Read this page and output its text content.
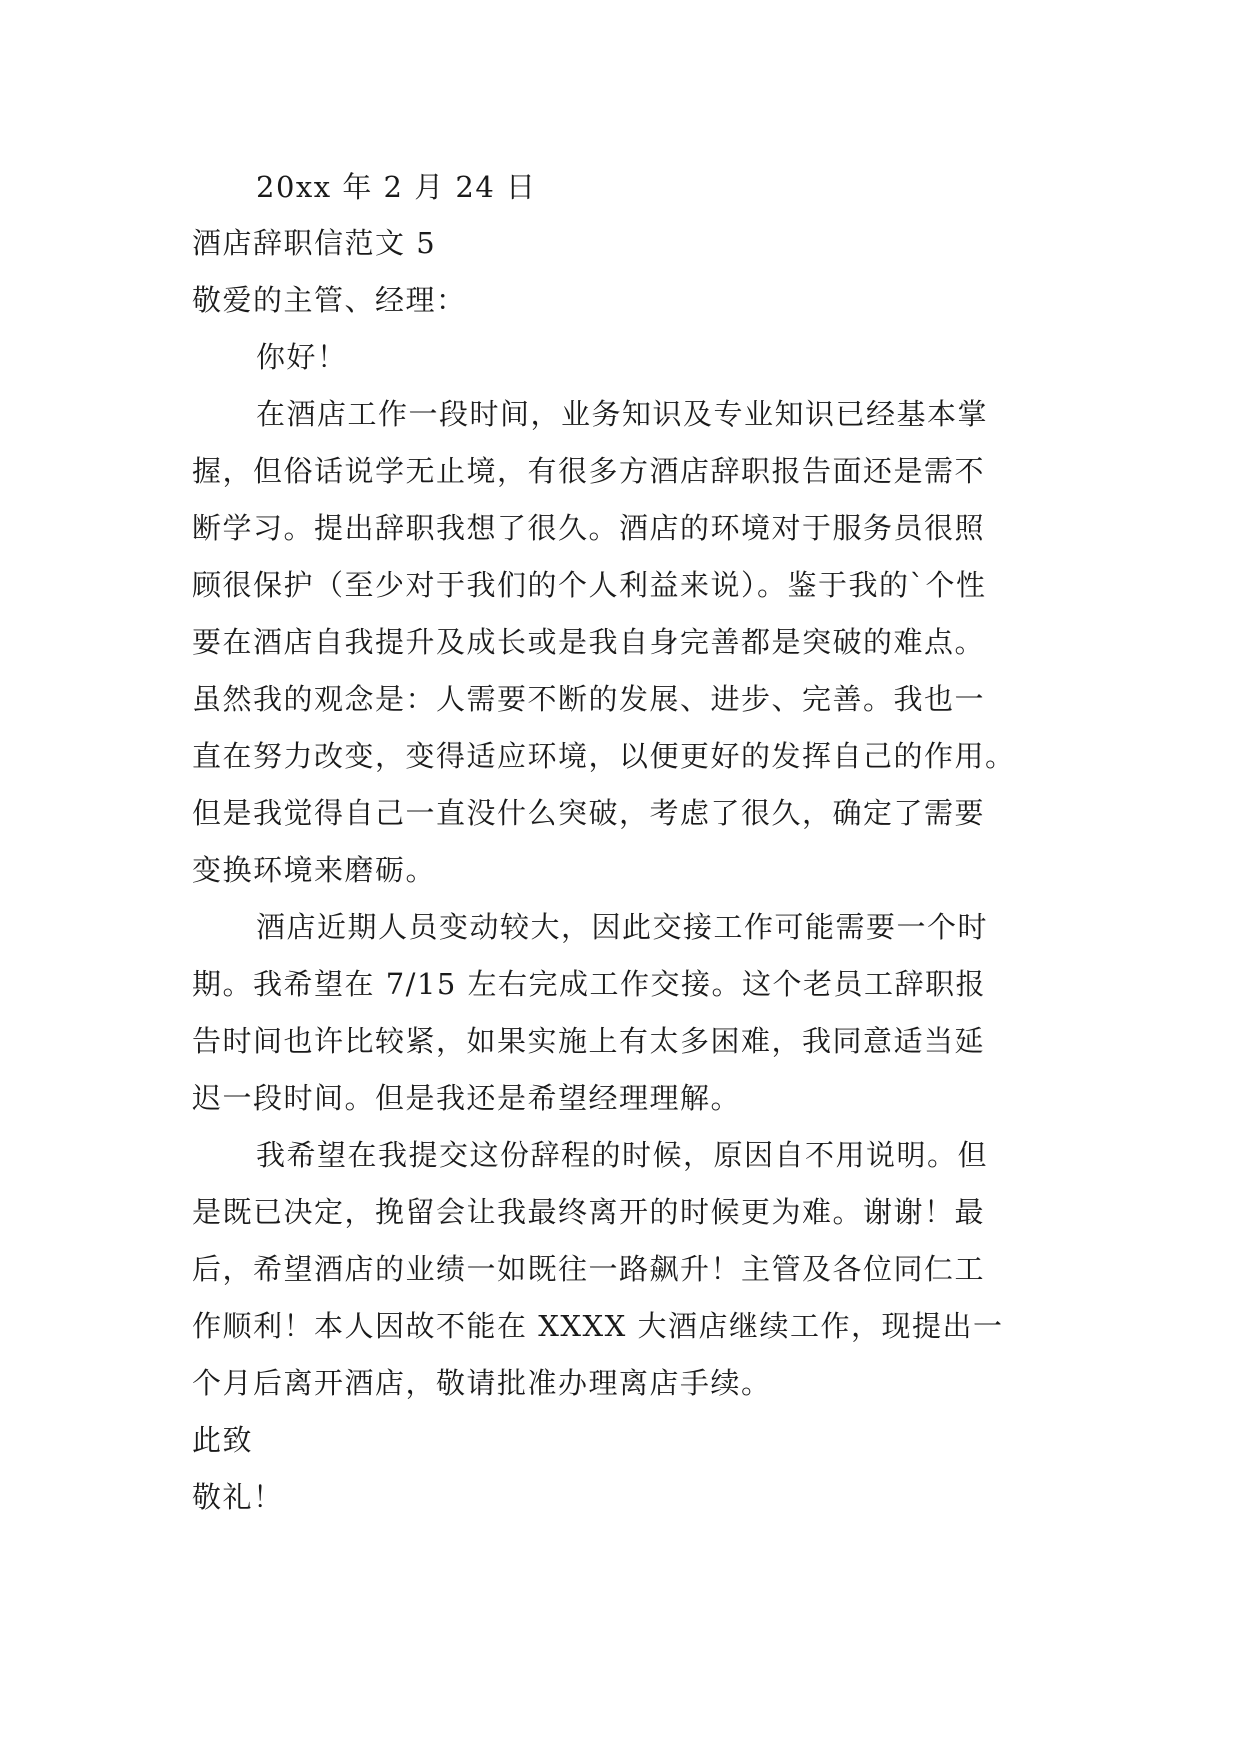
20xx 年 2 月 24 日
酒店辞职信范文 5
敬爱的主管、经理：
你好！
在酒店工作一段时间，业务知识及专业知识已经基本掌
握，但俗话说学无止境，有很多方酒店辞职报告面还是需不
断学习。提出辞职我想了很久。酒店的环境对于服务员很照
顾很保护（至少对于我们的个人利益来说）。鉴于我的`个性
要在酒店自我提升及成长或是我自身完善都是突破的难点。
虽然我的观念是：人需要不断的发展、进步、完善。我也一
直在努力改变，变得适应环境，以便更好的发挥自己的作用。
但是我觉得自己一直没什么突破，考虑了很久，确定了需要
变换环境来磨砺。
酒店近期人员变动较大，因此交接工作可能需要一个时
期。我希望在 7/15 左右完成工作交接。这个老员工辞职报
告时间也许比较紧，如果实施上有太多困难，我同意适当延
迟一段时间。但是我还是希望经理理解。
我希望在我提交这份辞程的时候，原因自不用说明。但
是既已决定，挽留会让我最终离开的时候更为难。谢谢！最
后，希望酒店的业绩一如既往一路飙升！主管及各位同仁工
作顺利！本人因故不能在 XXXX 大酒店继续工作，现提出一
个月后离开酒店，敬请批准办理离店手续。
此致
敬礼！
